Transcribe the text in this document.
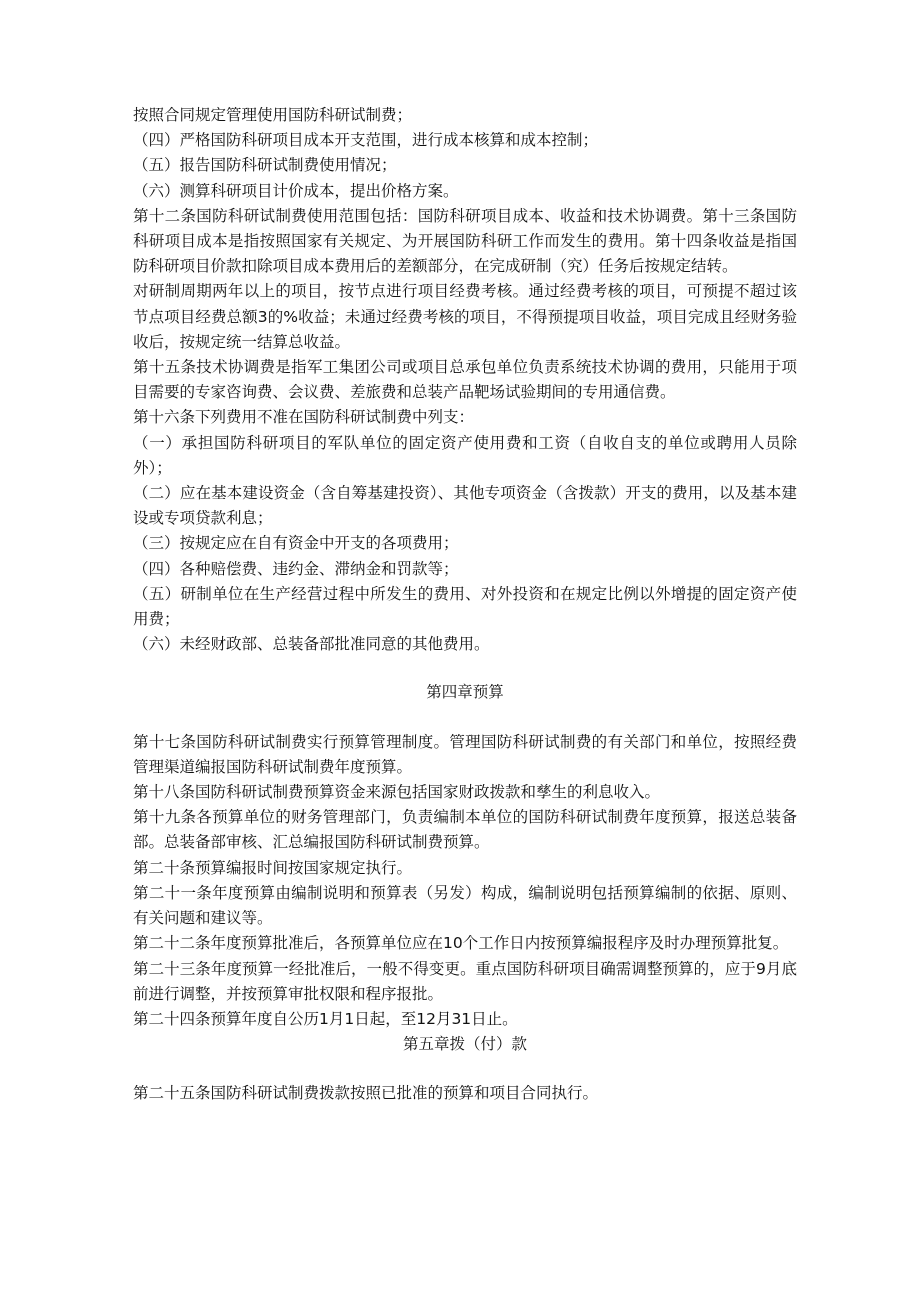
按照合同规定管理使用国防科研试制费；

（四）严格国防科研项目成本开支范围，进行成本核算和成本控制；

（五）报告国防科研试制费使用情况；

（六）测算科研项目计价成本，提出价格方案。

第十二条国防科研试制费使用范围包括：国防科研项目成本、收益和技术协调费。第十三条国防科研项目成本是指按照国家有关规定、为开展国防科研工作而发生的费用。第十四条收益是指国防科研项目价款扣除项目成本费用后的差额部分，在完成研制（究）任务后按规定结转。

对研制周期两年以上的项目，按节点进行项目经费考核。通过经费考核的项目，可预提不超过该节点项目经费总额3的%收益；未通过经费考核的项目，不得预提项目收益，项目完成且经财务验收后，按规定统一结算总收益。

第十五条技术协调费是指军工集团公司或项目总承包单位负责系统技术协调的费用，只能用于项目需要的专家咨询费、会议费、差旅费和总装产品靶场试验期间的专用通信费。

第十六条下列费用不准在国防科研试制费中列支：

（一）承担国防科研项目的军队单位的固定资产使用费和工资（自收自支的单位或聘用人员除外）；

（二）应在基本建设资金（含自筹基建投资）、其他专项资金（含拨款）开支的费用，以及基本建设或专项贷款利息；

（三）按规定应在自有资金中开支的各项费用；

（四）各种赔偿费、违约金、滞纳金和罚款等；

（五）研制单位在生产经营过程中所发生的费用、对外投资和在规定比例以外增提的固定资产使用费；

（六）未经财政部、总装备部批准同意的其他费用。

第四章预算

第十七条国防科研试制费实行预算管理制度。管理国防科研试制费的有关部门和单位，按照经费管理渠道编报国防科研试制费年度预算。

第十八条国防科研试制费预算资金来源包括国家财政拨款和孳生的利息收入。

第十九条各预算单位的财务管理部门，负责编制本单位的国防科研试制费年度预算，报送总装备部。总装备部审核、汇总编报国防科研试制费预算。

第二十条预算编报时间按国家规定执行。

第二十一条年度预算由编制说明和预算表（另发）构成，编制说明包括预算编制的依据、原则、有关问题和建议等。

第二十二条年度预算批准后，各预算单位应在10个工作日内按预算编报程序及时办理预算批复。

第二十三条年度预算一经批准后，一般不得变更。重点国防科研项目确需调整预算的，应于9月底前进行调整，并按预算审批权限和程序报批。

第二十四条预算年度自公历1月1日起，至12月31日止。

第五章拨（付）款

第二十五条国防科研试制费拨款按照已批准的预算和项目合同执行。
